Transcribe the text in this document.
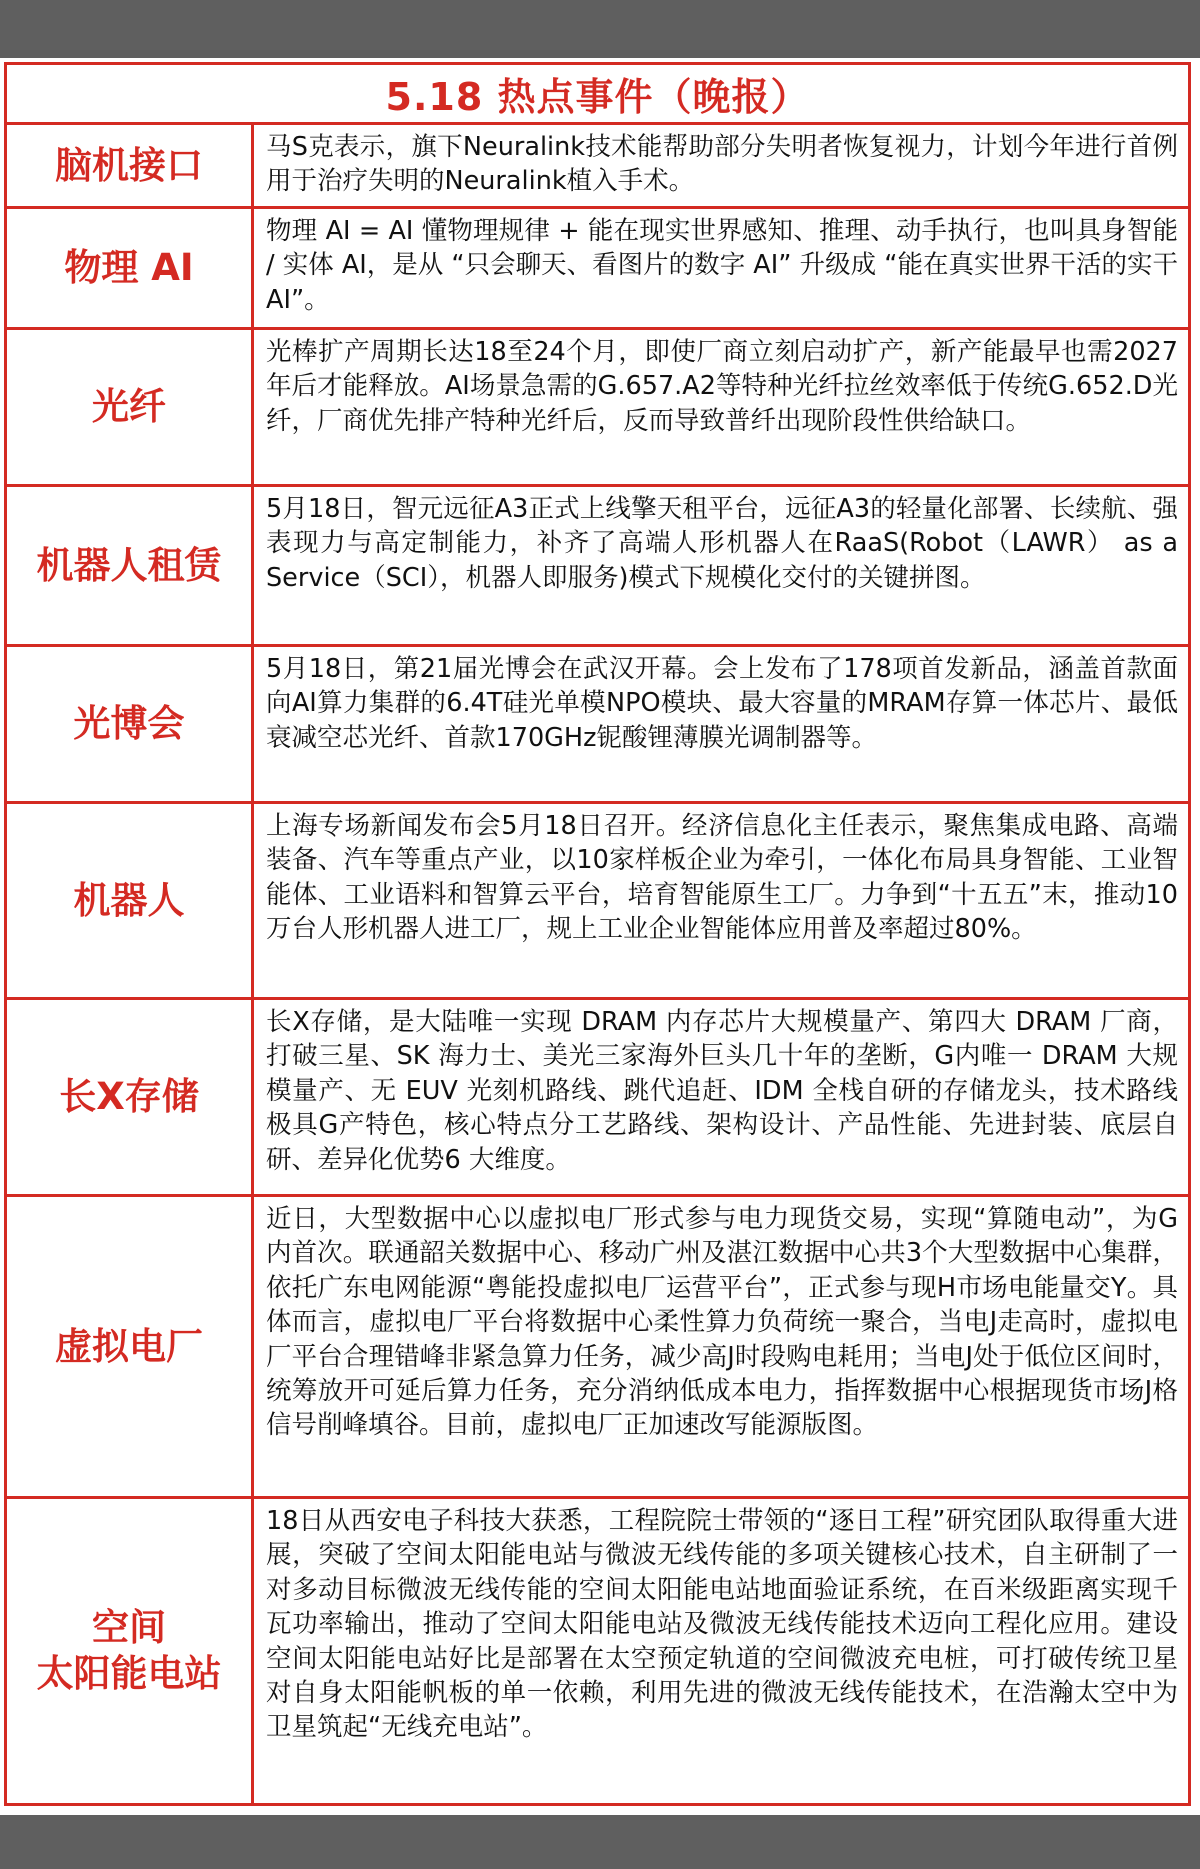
5.18 热点事件（晚报）
脑机接口	马S克表示，旗下Neuralink技术能帮助部分失明者恢复视力，计划今年进行首例用于治疗失明的Neuralink植入手术。
物理 AI
物理 AI = AI 懂物理规律 + 能在现实世界感知、推理、动手执行，也叫具身智能 / 实体 AI，是从 “只会聊天、看图片的数字 AI” 升级成 “能在真实世界干活的实干 AI”。
光纤
光棒扩产周期长达18至24个月，即使厂商立刻启动扩产，新产能最早也需2027年后才能释放。AI场景急需的G.657.A2等特种光纤拉丝效率低于传统G.652.D光纤，厂商优先排产特种光纤后，反而导致普纤出现阶段性供给缺口。
机器人租赁
5月18日，智元远征A3正式上线擎天租平台，远征A3的轻量化部署、长续航、强表现力与高定制能力，补齐了高端人形机器人在RaaS(Robot（LAWR） as a Service（SCI），机器人即服务)模式下规模化交付的关键拼图。
光博会
5月18日，第21届光博会在武汉开幕。会上发布了178项首发新品，涵盖首款面向AI算力集群的6.4T硅光单模NPO模块、最大容量的MRAM存算一体芯片、最低衰减空芯光纤、首款170GHz铌酸锂薄膜光调制器等。
机器人
上海专场新闻发布会5月18日召开。经济信息化主任表示，聚焦集成电路、高端装备、汽车等重点产业，以10家样板企业为牵引，一体化布局具身智能、工业智能体、工业语料和智算云平台，培育智能原生工厂。力争到“十五五”末，推动10万台人形机器人进工厂，规上工业企业智能体应用普及率超过80%。
长X存储
长X存储，是大陆唯一实现 DRAM 内存芯片大规模量产、第四大 DRAM 厂商，打破三星、SK 海力士、美光三家海外巨头几十年的垄断，G内唯一 DRAM 大规模量产、无 EUV 光刻机路线、跳代追赶、IDM 全栈自研的存储龙头，技术路线极具G产特色，核心特点分工艺路线、架构设计、产品性能、先进封装、底层自研、差异化优势6 大维度。
虚拟电厂
近日，大型数据中心以虚拟电厂形式参与电力现货交易，实现“算随电动”，为G内首次。联通韶关数据中心、移动广州及湛江数据中心共3个大型数据中心集群，依托广东电网能源“粤能投虚拟电厂运营平台”，正式参与现H市场电能量交Y。具体而言，虚拟电厂平台将数据中心柔性算力负荷统一聚合，当电J走高时，虚拟电厂平台合理错峰非紧急算力任务，减少高J时段购电耗用；当电J处于低位区间时，统筹放开可延后算力任务，充分消纳低成本电力，指挥数据中心根据现货市场J格信号削峰填谷。目前，虚拟电厂正加速改写能源版图。
空间
太阳能电站
18日从西安电子科技大获悉，工程院院士带领的“逐日工程”研究团队取得重大进展，突破了空间太阳能电站与微波无线传能的多项关键核心技术，自主研制了一对多动目标微波无线传能的空间太阳能电站地面验证系统，在百米级距离实现千瓦功率输出，推动了空间太阳能电站及微波无线传能技术迈向工程化应用。建设空间太阳能电站好比是部署在太空预定轨道的空间微波充电桩，可打破传统卫星对自身太阳能帆板的单一依赖，利用先进的微波无线传能技术，在浩瀚太空中为卫星筑起“无线充电站”。
